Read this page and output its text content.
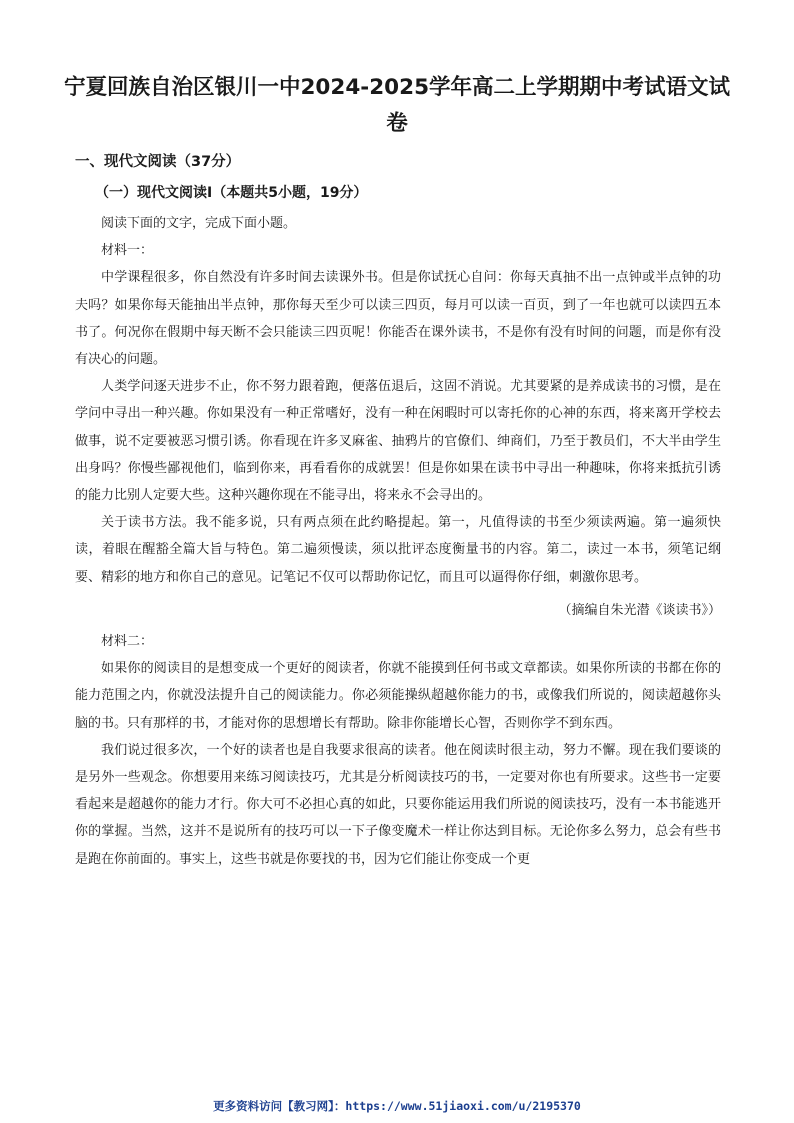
宁夏回族自治区银川一中2024-2025学年高二上学期期中考试语文试卷
一、现代文阅读（37分）
（一）现代文阅读Ⅰ（本题共5小题，19分）

阅读下面的文字，完成下面小题。

材料一：

中学课程很多，你自然没有许多时间去读课外书。但是你试抚心自问：你每天真抽不出一点钟或半点钟的功夫吗？如果你每天能抽出半点钟，那你每天至少可以读三四页，每月可以读一百页，到了一年也就可以读四五本书了。何况你在假期中每天断不会只能读三四页呢！你能否在课外读书，不是你有没有时间的问题，而是你有没有决心的问题。

人类学问逐天进步不止，你不努力跟着跑，便落伍退后，这固不消说。尤其要紧的是养成读书的习惯，是在学问中寻出一种兴趣。你如果没有一种正常嗜好，没有一种在闲暇时可以寄托你的心神的东西，将来离开学校去做事，说不定要被恶习惯引诱。你看现在许多叉麻雀、抽鸦片的官僚们、绅商们，乃至于教员们，不大半由学生出身吗？你慢些鄙视他们，临到你来，再看看你的成就罢！但是你如果在读书中寻出一种趣味，你将来抵抗引诱的能力比别人定要大些。这种兴趣你现在不能寻出，将来永不会寻出的。

关于读书方法。我不能多说，只有两点须在此约略提起。第一，凡值得读的书至少须读两遍。第一遍须快读，着眼在醒豁全篇大旨与特色。第二遍须慢读，须以批评态度衡量书的内容。第二，读过一本书，须笔记纲要、精彩的地方和你自己的意见。记笔记不仅可以帮助你记忆，而且可以逼得你仔细，刺激你思考。

（摘编自朱光潜《谈读书》）

材料二：

如果你的阅读目的是想变成一个更好的阅读者，你就不能摸到任何书或文章都读。如果你所读的书都在你的能力范围之内，你就没法提升自己的阅读能力。你必须能操纵超越你能力的书，或像我们所说的，阅读超越你头脑的书。只有那样的书，才能对你的思想增长有帮助。除非你能增长心智，否则你学不到东西。

我们说过很多次，一个好的读者也是自我要求很高的读者。他在阅读时很主动，努力不懈。现在我们要谈的是另外一些观念。你想要用来练习阅读技巧，尤其是分析阅读技巧的书，一定要对你也有所要求。这些书一定要看起来是超越你的能力才行。你大可不必担心真的如此，只要你能运用我们所说的阅读技巧，没有一本书能逃开你的掌握。当然，这并不是说所有的技巧可以一下子像变魔术一样让你达到目标。无论你多么努力，总会有些书是跑在你前面的。事实上，这些书就是你要找的书，因为它们能让你变成一个更

更多资料访问【教习网】：https://www.51jiaoxi.com/u/2195370
